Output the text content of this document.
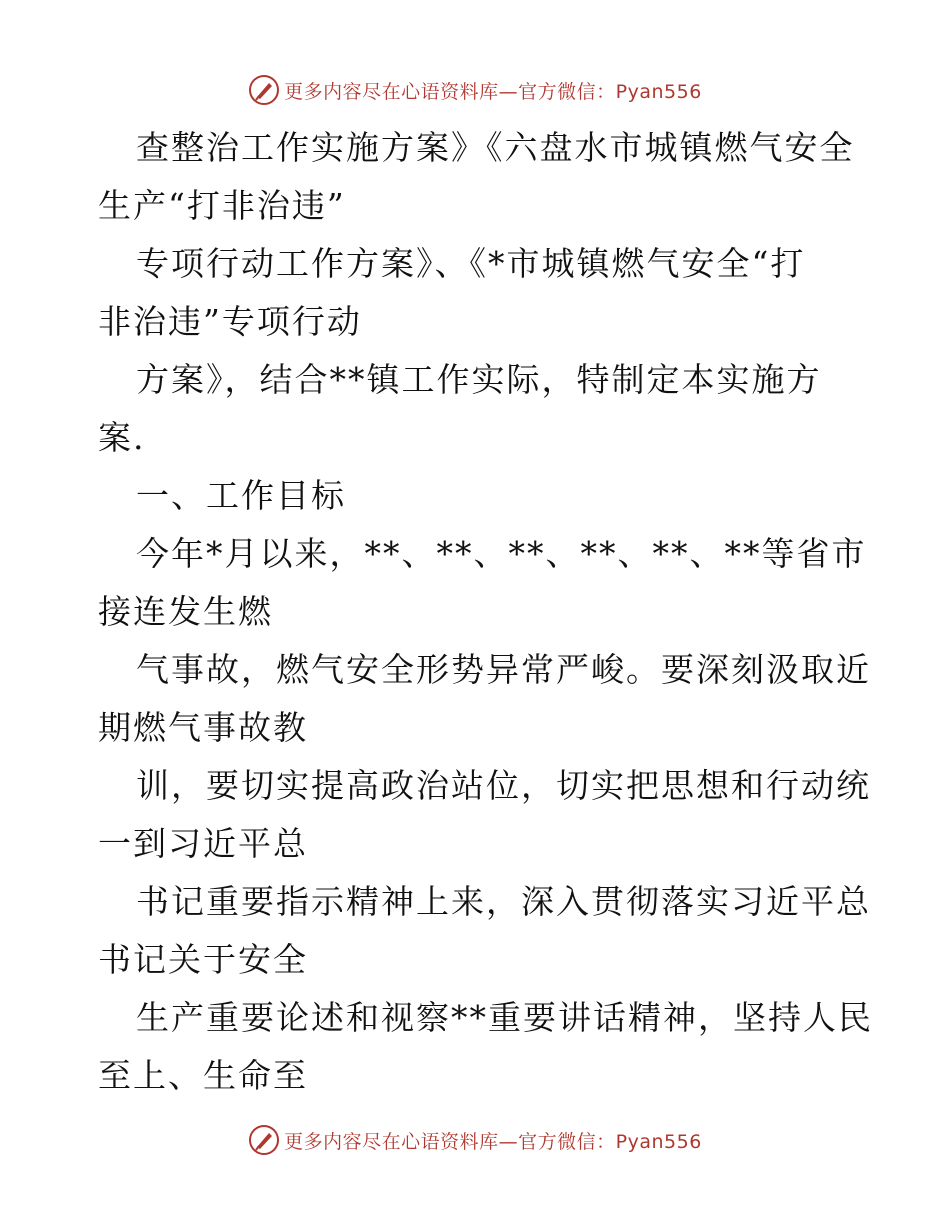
更多内容尽在心语资料库—官方微信：Pyan556
查整治工作实施方案》《六盘水市城镇燃气安全
生产“打非治违”
专项行动工作方案》、《*市城镇燃气安全“打
非治违”专项行动
方案》，结合**镇工作实际，特制定本实施方
案.
一、工作目标
今年*月以来，**、**、**、**、**、**等省市
接连发生燃
气事故，燃气安全形势异常严峻。要深刻汲取近
期燃气事故教
训，要切实提高政治站位，切实把思想和行动统
一到习近平总
书记重要指示精神上来，深入贯彻落实习近平总
书记关于安全
生产重要论述和视察**重要讲话精神，坚持人民
至上、生命至
更多内容尽在心语资料库—官方微信：Pyan556
